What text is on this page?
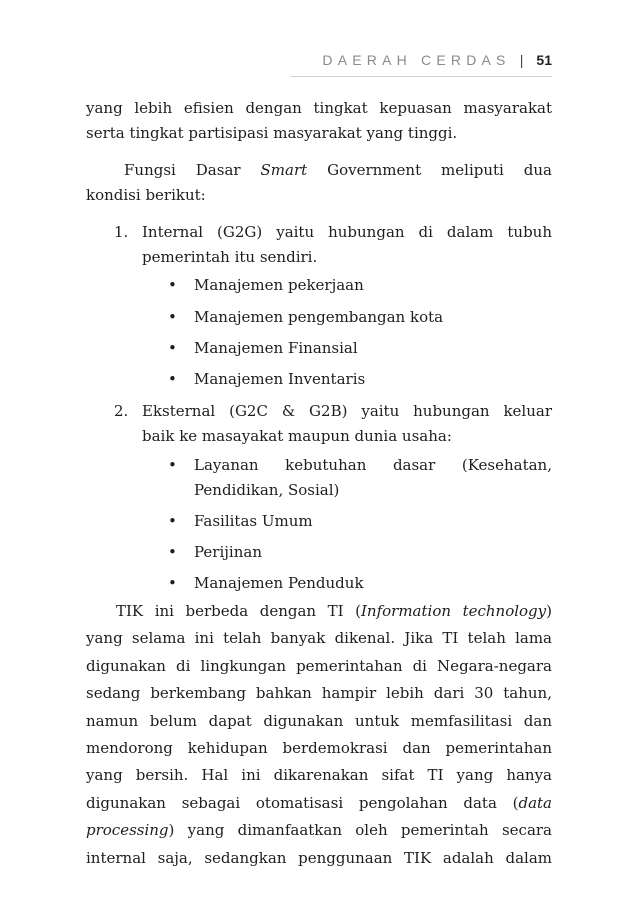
DAERAH CERDAS | 51
yang lebih efisien dengan tingkat kepuasan masyarakat
serta tingkat partisipasi masyarakat yang tinggi.
Fungsi Dasar Smart Government meliputi dua
kondisi berikut:
1. Internal (G2G) yaitu hubungan di dalam tubuh
pemerintah itu sendiri.
• Manajemen pekerjaan
• Manajemen pengembangan kota
• Manajemen Finansial
• Manajemen Inventaris
2. Eksternal (G2C & G2B) yaitu hubungan keluar
baik ke masayakat maupun dunia usaha:
• Layanan kebutuhan dasar (Kesehatan,
Pendidikan, Sosial)
• Fasilitas Umum
• Perijinan
• Manajemen Penduduk
TIK ini berbeda dengan TI (Information technology)
yang selama ini telah banyak dikenal. Jika TI telah lama
digunakan di lingkungan pemerintahan di Negara-negara
sedang berkembang bahkan hampir lebih dari 30 tahun,
namun belum dapat digunakan untuk memfasilitasi dan
mendorong kehidupan berdemokrasi dan pemerintahan
yang bersih. Hal ini dikarenakan sifat TI yang hanya
digunakan sebagai otomatisasi pengolahan data (data
processing) yang dimanfaatkan oleh pemerintah secara
internal saja, sedangkan penggunaan TIK adalah dalam
